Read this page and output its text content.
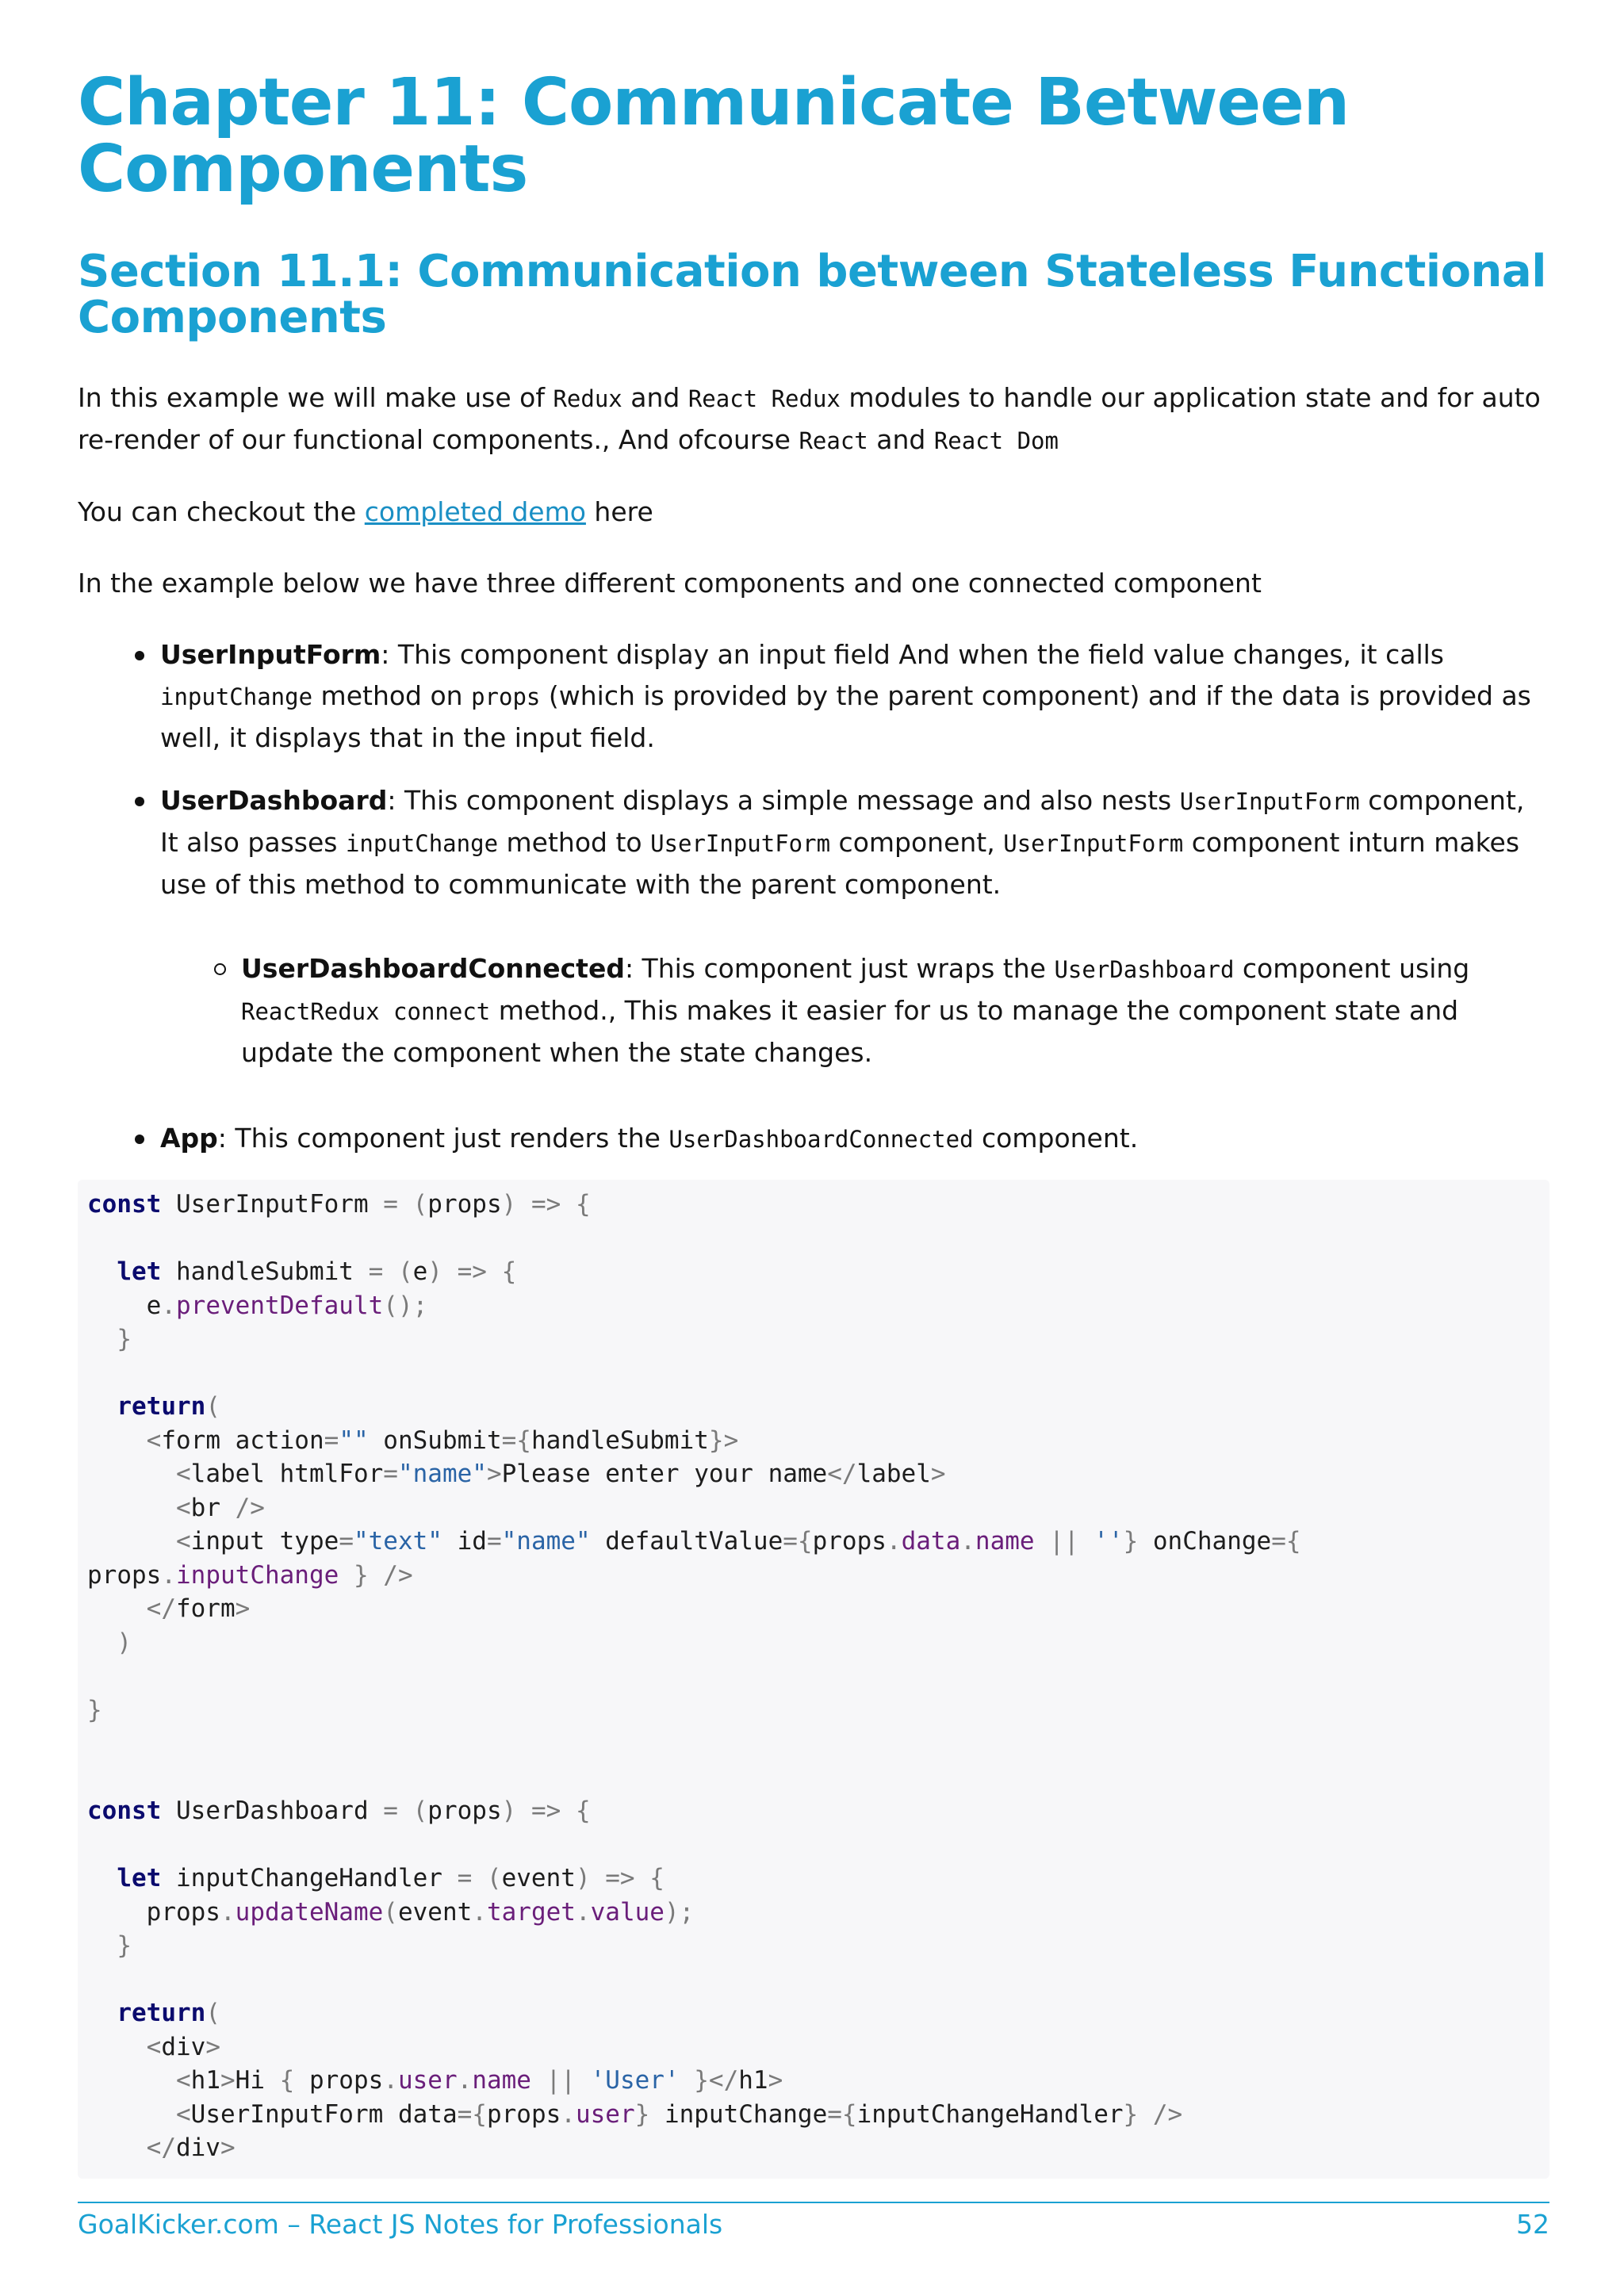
Chapter 11: Communicate Between
Components
Section 11.1: Communication between Stateless Functional
Components

In this example we will make use of Redux and React Redux modules to handle our application state and for auto re-render of our functional components., And ofcourse React and React Dom

You can checkout the completed demo here

In the example below we have three different components and one connected component

UserInputForm: This component display an input field And when the field value changes, it calls inputChange method on props (which is provided by the parent component) and if the data is provided as well, it displays that in the input field.
UserDashboard: This component displays a simple message and also nests UserInputForm component, It also passes inputChange method to UserInputForm component, UserInputForm component inturn makes use of this method to communicate with the parent component.
UserDashboardConnected: This component just wraps the UserDashboard component using ReactRedux connect method., This makes it easier for us to manage the component state and update the component when the state changes.
App: This component just renders the UserDashboardConnected component.
const UserInputForm = (props) => {

let handleSubmit = (e) => {
e.preventDefault();
}

return(
<form action="" onSubmit={handleSubmit}>
<label htmlFor="name">Please enter your name</label>
<br />
<input type="text" id="name" defaultValue={props.data.name || ''} onChange={
props.inputChange } />
</form>
)

}

const UserDashboard = (props) => {

let inputChangeHandler = (event) => {
props.updateName(event.target.value);
}

return(
<div>
<h1>Hi { props.user.name || 'User' }</h1>
<UserInputForm data={props.user} inputChange={inputChangeHandler} />
</div>
GoalKicker.com – React JS Notes for Professionals	52
